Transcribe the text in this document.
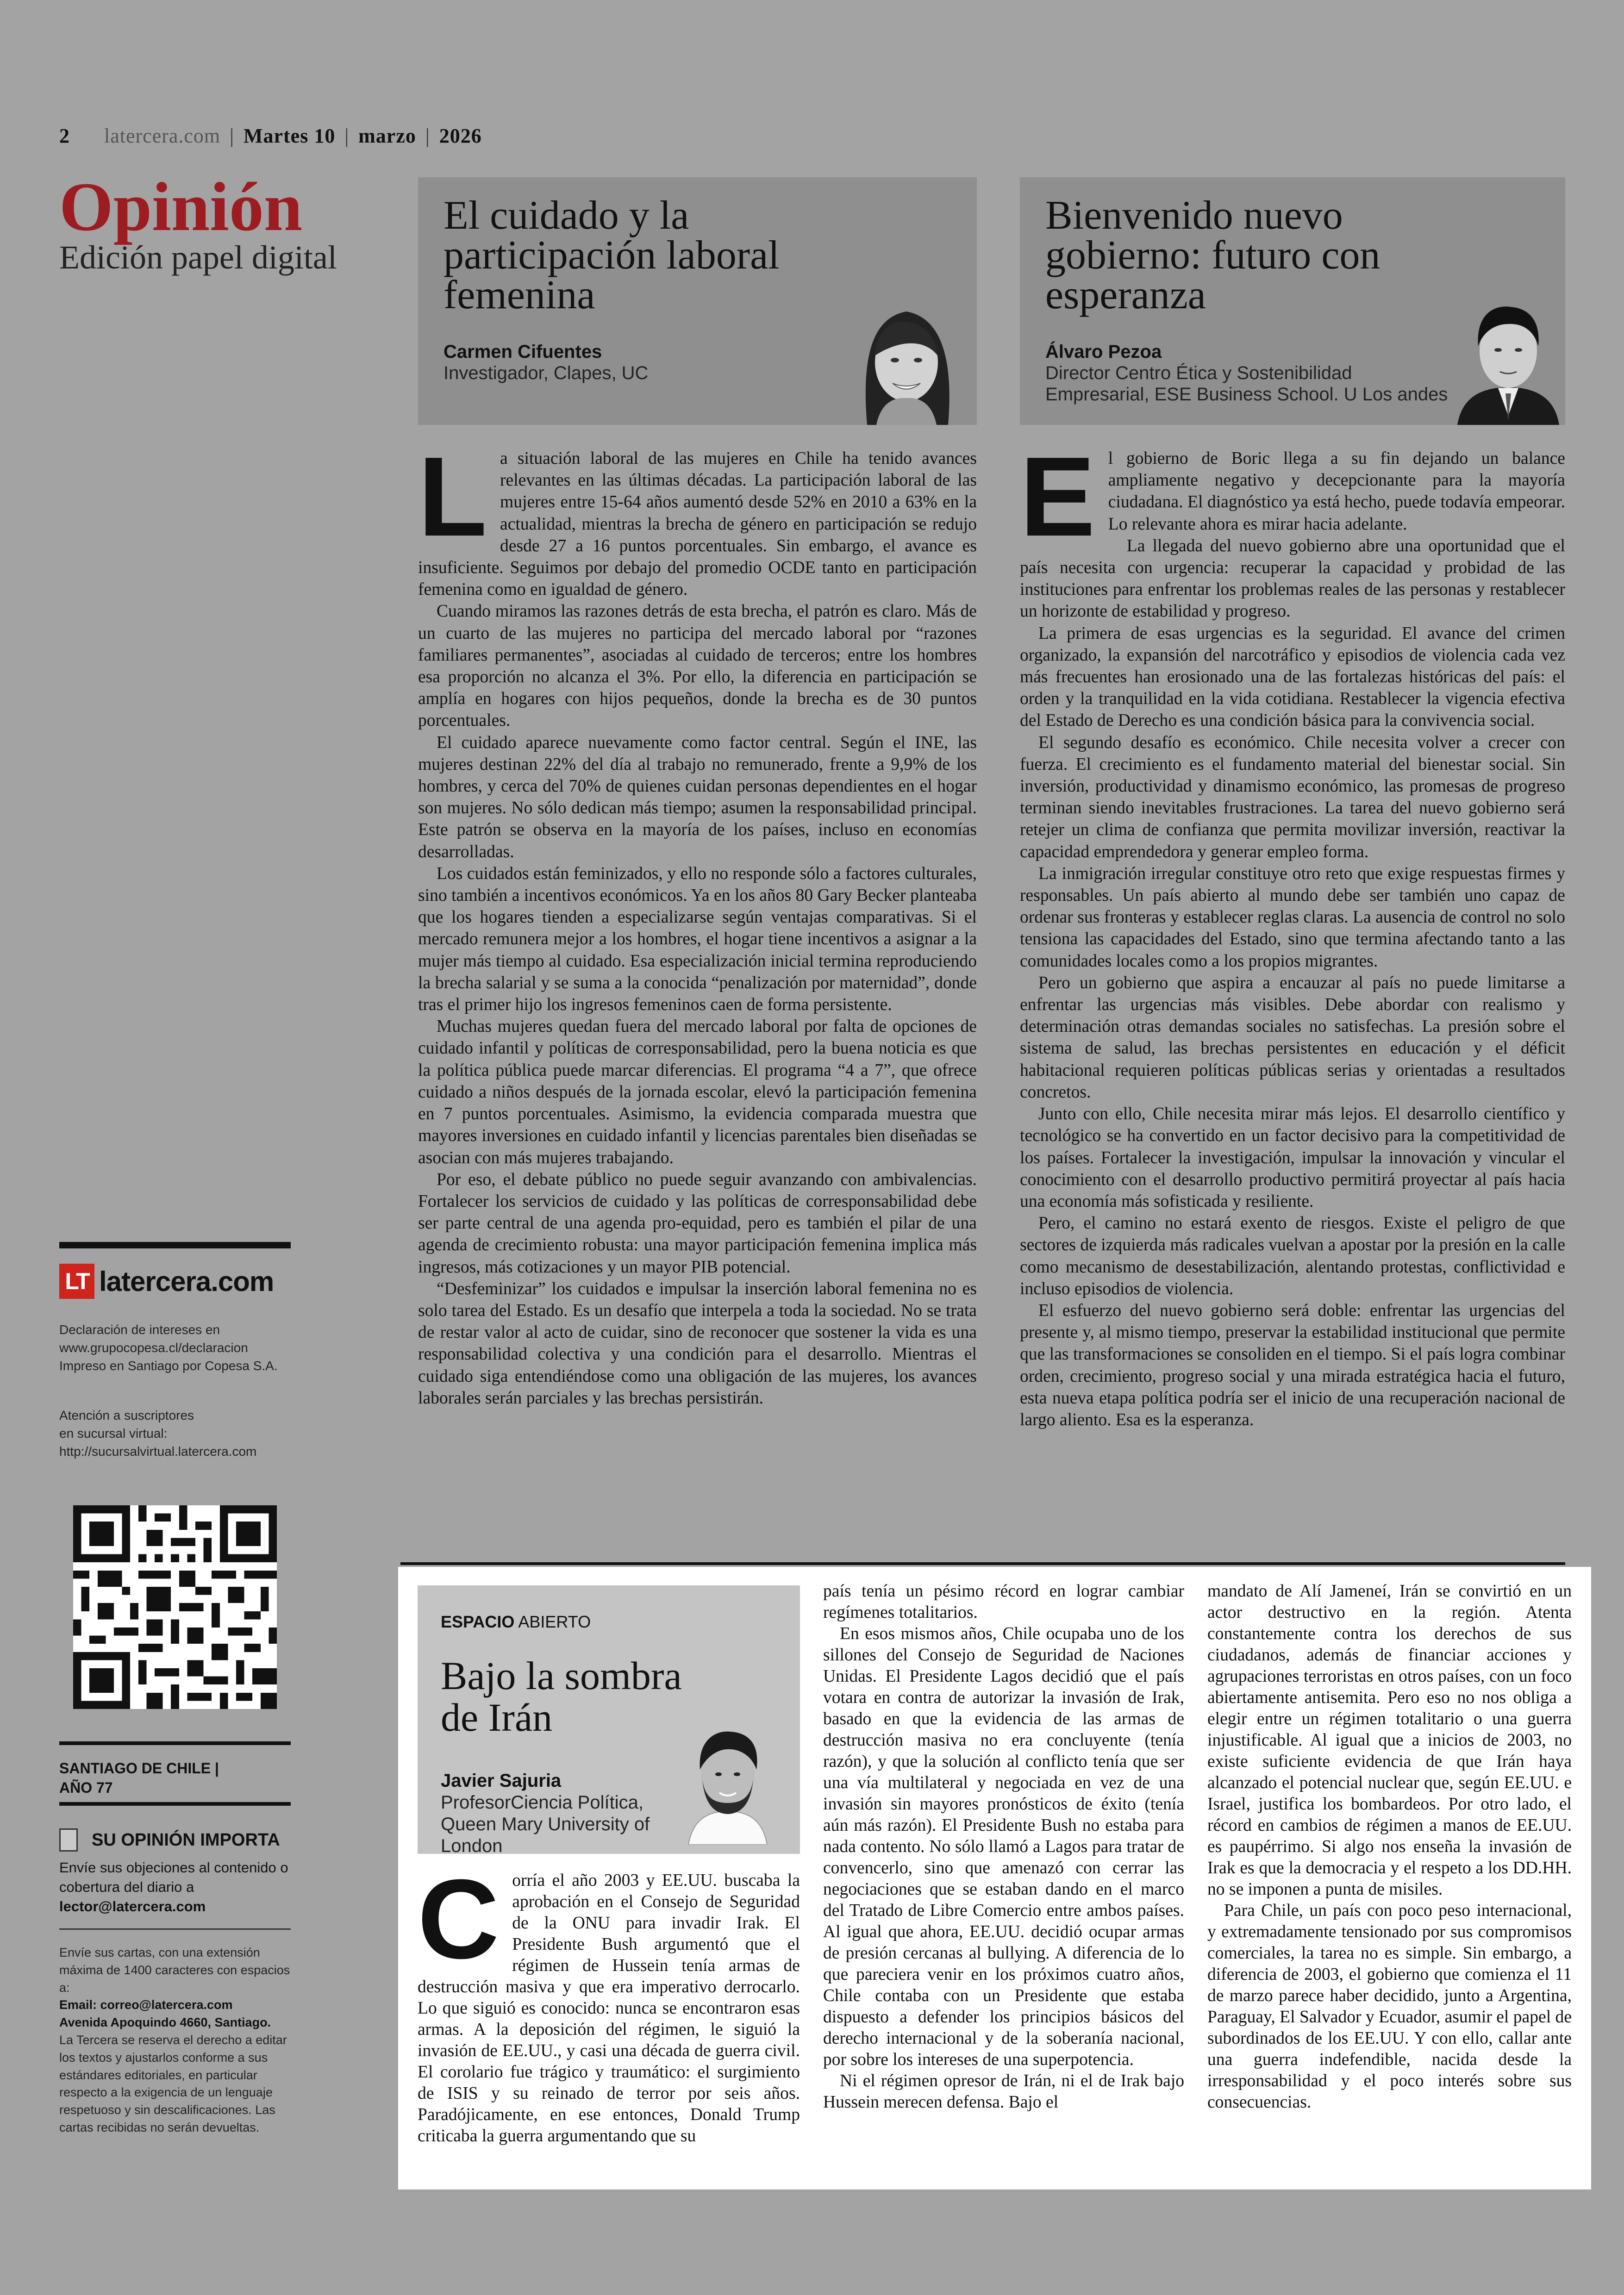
2 latercera.com | Martes 10 | marzo | 2026
Opinión
Edición papel digital
LT latercera.com
Declaración de intereses en
www.grupocopesa.cl/declaracion
Impreso en Santiago por Copesa S.A.
Atención a suscriptores
en sucursal virtual:
http://sucursalvirtual.latercera.com
SANTIAGO DE CHILE |
AÑO 77
SU OPINIÓN IMPORTA
Envíe sus objeciones al contenido o cobertura del diario a lector@latercera.com
Envíe sus cartas, con una extensión máxima de 1400 caracteres con espacios a:
Email: correo@latercera.com
Avenida Apoquindo 4660, Santiago.
La Tercera se reserva el derecho a editar los textos y ajustarlos conforme a sus estándares editoriales, en particular respecto a la exigencia de un lenguaje respetuoso y sin descalificaciones. Las cartas recibidas no serán devueltas.
El cuidado y la participación laboral femenina
Carmen Cifuentes
Investigador, Clapes, UC
Bienvenido nuevo gobierno: futuro con esperanza
Álvaro Pezoa
Director Centro Ética y Sostenibilidad
Empresarial, ESE Business School. U Los andes

La situación laboral de las mujeres en Chile ha tenido avances relevantes en las últimas décadas. La participación laboral de las mujeres entre 15-64 años aumentó desde 52% en 2010 a 63% en la actualidad, mientras la brecha de género en participación se redujo desde 27 a 16 puntos porcentuales. Sin embargo, el avance es insuficiente. Seguimos por debajo del promedio OCDE tanto en participación femenina como en igualdad de género.

Cuando miramos las razones detrás de esta brecha, el patrón es claro. Más de un cuarto de las mujeres no participa del mercado laboral por “razones familiares permanentes”, asociadas al cuidado de terceros; entre los hombres esa proporción no alcanza el 3%. Por ello, la diferencia en participación se amplía en hogares con hijos pequeños, donde la brecha es de 30 puntos porcentuales.

El cuidado aparece nuevamente como factor central. Según el INE, las mujeres destinan 22% del día al trabajo no remunerado, frente a 9,9% de los hombres, y cerca del 70% de quienes cuidan personas dependientes en el hogar son mujeres. No sólo dedican más tiempo; asumen la responsabilidad principal. Este patrón se observa en la mayoría de los países, incluso en economías desarrolladas.

Los cuidados están feminizados, y ello no responde sólo a factores culturales, sino también a incentivos económicos. Ya en los años 80 Gary Becker planteaba que los hogares tienden a especializarse según ventajas comparativas. Si el mercado remunera mejor a los hombres, el hogar tiene incentivos a asignar a la mujer más tiempo al cuidado. Esa especialización inicial termina reproduciendo la brecha salarial y se suma a la conocida “penalización por maternidad”, donde tras el primer hijo los ingresos femeninos caen de forma persistente.

Muchas mujeres quedan fuera del mercado laboral por falta de opciones de cuidado infantil y políticas de corresponsabilidad, pero la buena noticia es que la política pública puede marcar diferencias. El programa “4 a 7”, que ofrece cuidado a niños después de la jornada escolar, elevó la participación femenina en 7 puntos porcentuales. Asimismo, la evidencia comparada muestra que mayores inversiones en cuidado infantil y licencias parentales bien diseñadas se asocian con más mujeres trabajando.

Por eso, el debate público no puede seguir avanzando con ambivalencias. Fortalecer los servicios de cuidado y las políticas de corresponsabilidad debe ser parte central de una agenda pro-equidad, pero es también el pilar de una agenda de crecimiento robusta: una mayor participación femenina implica más ingresos, más cotizaciones y un mayor PIB potencial.

“Desfeminizar” los cuidados e impulsar la inserción laboral femenina no es solo tarea del Estado. Es un desafío que interpela a toda la sociedad. No se trata de restar valor al acto de cuidar, sino de reconocer que sostener la vida es una responsabilidad colectiva y una condición para el desarrollo. Mientras el cuidado siga entendiéndose como una obligación de las mujeres, los avances laborales serán parciales y las brechas persistirán.

El gobierno de Boric llega a su fin dejando un balance ampliamente negativo y decepcionante para la mayoría ciudadana. El diagnóstico ya está hecho, puede todavía empeorar. Lo relevante ahora es mirar hacia adelante.

La llegada del nuevo gobierno abre una oportunidad que el país necesita con urgencia: recuperar la capacidad y probidad de las instituciones para enfrentar los problemas reales de las personas y restablecer un horizonte de estabilidad y progreso.

La primera de esas urgencias es la seguridad. El avance del crimen organizado, la expansión del narcotráfico y episodios de violencia cada vez más frecuentes han erosionado una de las fortalezas históricas del país: el orden y la tranquilidad en la vida cotidiana. Restablecer la vigencia efectiva del Estado de Derecho es una condición básica para la convivencia social.

El segundo desafío es económico. Chile necesita volver a crecer con fuerza. El crecimiento es el fundamento material del bienestar social. Sin inversión, productividad y dinamismo económico, las promesas de progreso terminan siendo inevitables frustraciones. La tarea del nuevo gobierno será retejer un clima de confianza que permita movilizar inversión, reactivar la capacidad emprendedora y generar empleo forma.

La inmigración irregular constituye otro reto que exige respuestas firmes y responsables. Un país abierto al mundo debe ser también uno capaz de ordenar sus fronteras y establecer reglas claras. La ausencia de control no solo tensiona las capacidades del Estado, sino que termina afectando tanto a las comunidades locales como a los propios migrantes.

Pero un gobierno que aspira a encauzar al país no puede limitarse a enfrentar las urgencias más visibles. Debe abordar con realismo y determinación otras demandas sociales no satisfechas. La presión sobre el sistema de salud, las brechas persistentes en educación y el déficit habitacional requieren políticas públicas serias y orientadas a resultados concretos.

Junto con ello, Chile necesita mirar más lejos. El desarrollo científico y tecnológico se ha convertido en un factor decisivo para la competitividad de los países. Fortalecer la investigación, impulsar la innovación y vincular el conocimiento con el desarrollo productivo permitirá proyectar al país hacia una economía más sofisticada y resiliente.

Pero, el camino no estará exento de riesgos. Existe el peligro de que sectores de izquierda más radicales vuelvan a apostar por la presión en la calle como mecanismo de desestabilización, alentando protestas, conflictividad e incluso episodios de violencia.

El esfuerzo del nuevo gobierno será doble: enfrentar las urgencias del presente y, al mismo tiempo, preservar la estabilidad institucional que permite que las transformaciones se consoliden en el tiempo. Si el país logra combinar orden, crecimiento, progreso social y una mirada estratégica hacia el futuro, esta nueva etapa política podría ser el inicio de una recuperación nacional de largo aliento. Esa es la esperanza.

ESPACIO ABIERTO
Bajo la sombra de Irán
Javier Sajuria
ProfesorCiencia Política,
Queen Mary University of
London

Corría el año 2003 y EE.UU. buscaba la aprobación en el Consejo de Seguridad de la ONU para invadir Irak. El Presidente Bush argumentó que el régimen de Hussein tenía armas de destrucción masiva y que era imperativo derrocarlo. Lo que siguió es conocido: nunca se encontraron esas armas. A la deposición del régimen, le siguió la invasión de EE.UU., y casi una década de guerra civil. El corolario fue trágico y traumático: el surgimiento de ISIS y su reinado de terror por seis años. Paradójicamente, en ese entonces, Donald Trump criticaba la guerra argumentando que su

país tenía un pésimo récord en lograr cambiar regímenes totalitarios.

En esos mismos años, Chile ocupaba uno de los sillones del Consejo de Seguridad de Naciones Unidas. El Presidente Lagos decidió que el país votara en contra de autorizar la invasión de Irak, basado en que la evidencia de las armas de destrucción masiva no era concluyente (tenía razón), y que la solución al conflicto tenía que ser una vía multilateral y negociada en vez de una invasión sin mayores pronósticos de éxito (tenía aún más razón). El Presidente Bush no estaba para nada contento. No sólo llamó a Lagos para tratar de convencerlo, sino que amenazó con cerrar las negociaciones que se estaban dando en el marco del Tratado de Libre Comercio entre ambos países. Al igual que ahora, EE.UU. decidió ocupar armas de presión cercanas al bullying. A diferencia de lo que pareciera venir en los próximos cuatro años, Chile contaba con un Presidente que estaba dispuesto a defender los principios básicos del derecho internacional y de la soberanía nacional, por sobre los intereses de una superpotencia.

Ni el régimen opresor de Irán, ni el de Irak bajo Hussein merecen defensa. Bajo el

mandato de Alí Jameneí, Irán se convirtió en un actor destructivo en la región. Atenta constantemente contra los derechos de sus ciudadanos, además de financiar acciones y agrupaciones terroristas en otros países, con un foco abiertamente antisemita. Pero eso no nos obliga a elegir entre un régimen totalitario o una guerra injustificable. Al igual que a inicios de 2003, no existe suficiente evidencia de que Irán haya alcanzado el potencial nuclear que, según EE.UU. e Israel, justifica los bombardeos. Por otro lado, el récord en cambios de régimen a manos de EE.UU. es paupérrimo. Si algo nos enseña la invasión de Irak es que la democracia y el respeto a los DD.HH. no se imponen a punta de misiles.

Para Chile, un país con poco peso internacional, y extremadamente tensionado por sus compromisos comerciales, la tarea no es simple. Sin embargo, a diferencia de 2003, el gobierno que comienza el 11 de marzo parece haber decidido, junto a Argentina, Paraguay, El Salvador y Ecuador, asumir el papel de subordinados de los EE.UU. Y con ello, callar ante una guerra indefendible, nacida desde la irresponsabilidad y el poco interés sobre sus consecuencias.
